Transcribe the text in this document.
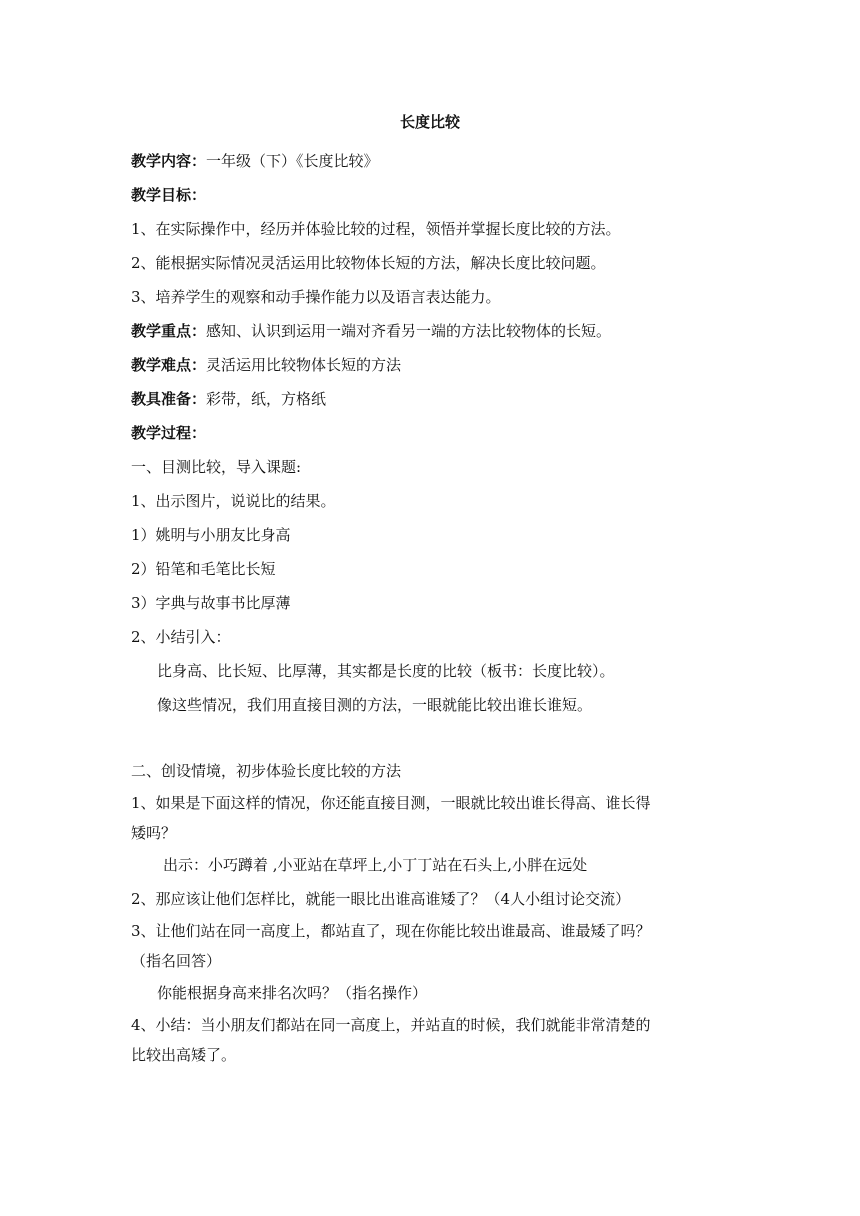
长度比较
教学内容：一年级（下）《长度比较》
教学目标：
1、在实际操作中，经历并体验比较的过程，领悟并掌握长度比较的方法。
2、能根据实际情况灵活运用比较物体长短的方法，解决长度比较问题。
3、培养学生的观察和动手操作能力以及语言表达能力。
教学重点：感知、认识到运用一端对齐看另一端的方法比较物体的长短。
教学难点：灵活运用比较物体长短的方法
教具准备：彩带，纸，方格纸
教学过程：
一、目测比较，导入课题:
1、出示图片，说说比的结果。
1）姚明与小朋友比身高
2）铅笔和毛笔比长短
3）字典与故事书比厚薄
2、小结引入：
比身高、比长短、比厚薄，其实都是长度的比较（板书：长度比较）。
像这些情况，我们用直接目测的方法，一眼就能比较出谁长谁短。
二、创设情境，初步体验长度比较的方法
1、如果是下面这样的情况，你还能直接目测，一眼就比较出谁长得高、谁长得
矮吗？
出示：小巧蹲着 ,小亚站在草坪上,小丁丁站在石头上,小胖在远处
2、那应该让他们怎样比，就能一眼比出谁高谁矮了？（4人小组讨论交流）
3、让他们站在同一高度上，都站直了，现在你能比较出谁最高、谁最矮了吗？
（指名回答）
你能根据身高来排名次吗？（指名操作）
4、小结：当小朋友们都站在同一高度上，并站直的时候，我们就能非常清楚的
比较出高矮了。
